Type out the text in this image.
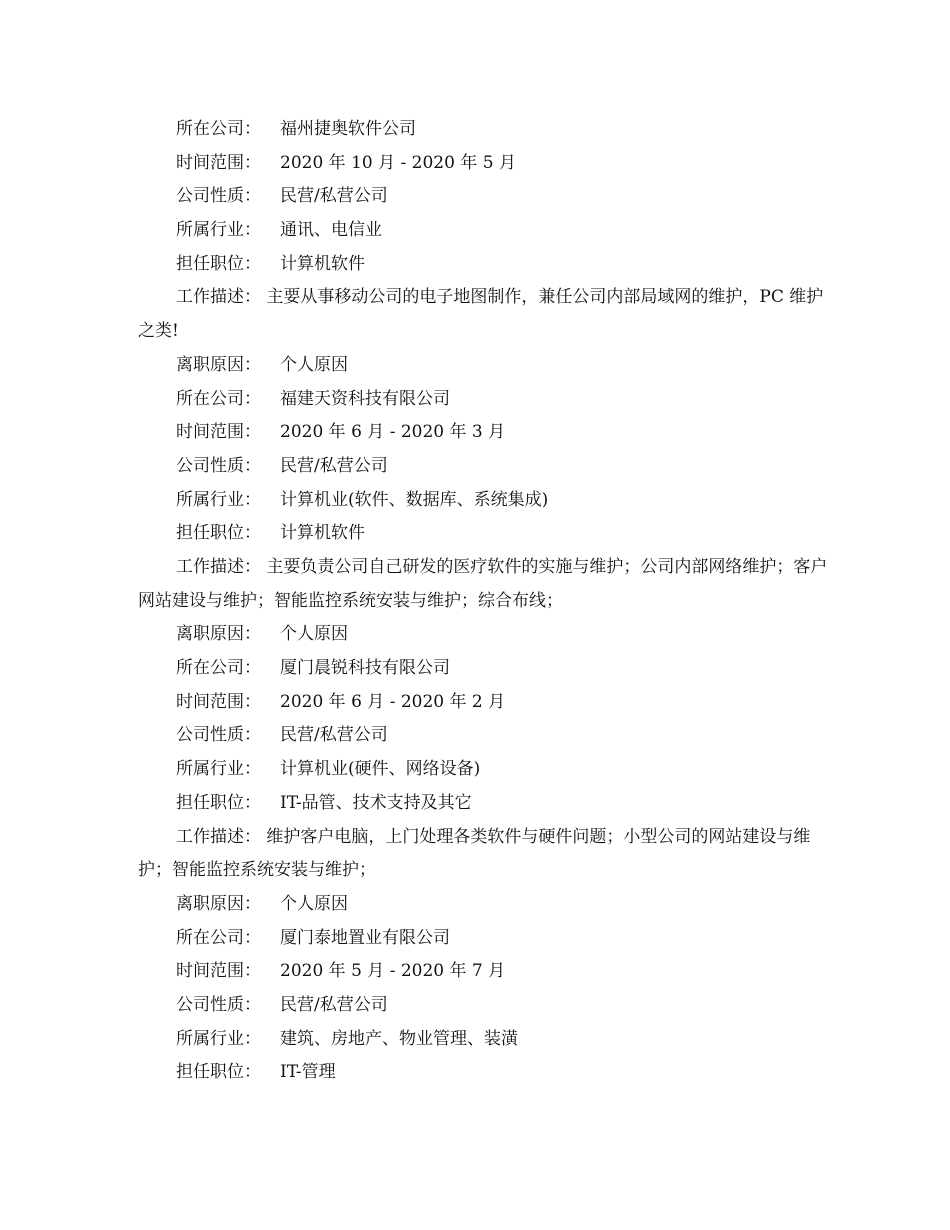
所在公司： 福州捷奥软件公司
时间范围： 2020 年 10 月 - 2020 年 5 月
公司性质： 民营/私营公司
所属行业： 通讯、电信业
担任职位： 计算机软件
工作描述： 主要从事移动公司的电子地图制作，兼任公司内部局域网的维护，PC 维护之类!
离职原因： 个人原因
所在公司： 福建天资科技有限公司
时间范围： 2020 年 6 月 - 2020 年 3 月
公司性质： 民营/私营公司
所属行业： 计算机业(软件、数据库、系统集成)
担任职位： 计算机软件
工作描述： 主要负责公司自己研发的医疗软件的实施与维护；公司内部网络维护；客户网站建设与维护；智能监控系统安装与维护；综合布线；
离职原因： 个人原因
所在公司： 厦门晨锐科技有限公司
时间范围： 2020 年 6 月 - 2020 年 2 月
公司性质： 民营/私营公司
所属行业： 计算机业(硬件、网络设备)
担任职位： IT-品管、技术支持及其它
工作描述： 维护客户电脑，上门处理各类软件与硬件问题；小型公司的网站建设与维护；智能监控系统安装与维护；
离职原因： 个人原因
所在公司： 厦门泰地置业有限公司
时间范围： 2020 年 5 月 - 2020 年 7 月
公司性质： 民营/私营公司
所属行业： 建筑、房地产、物业管理、装潢
担任职位： IT-管理
